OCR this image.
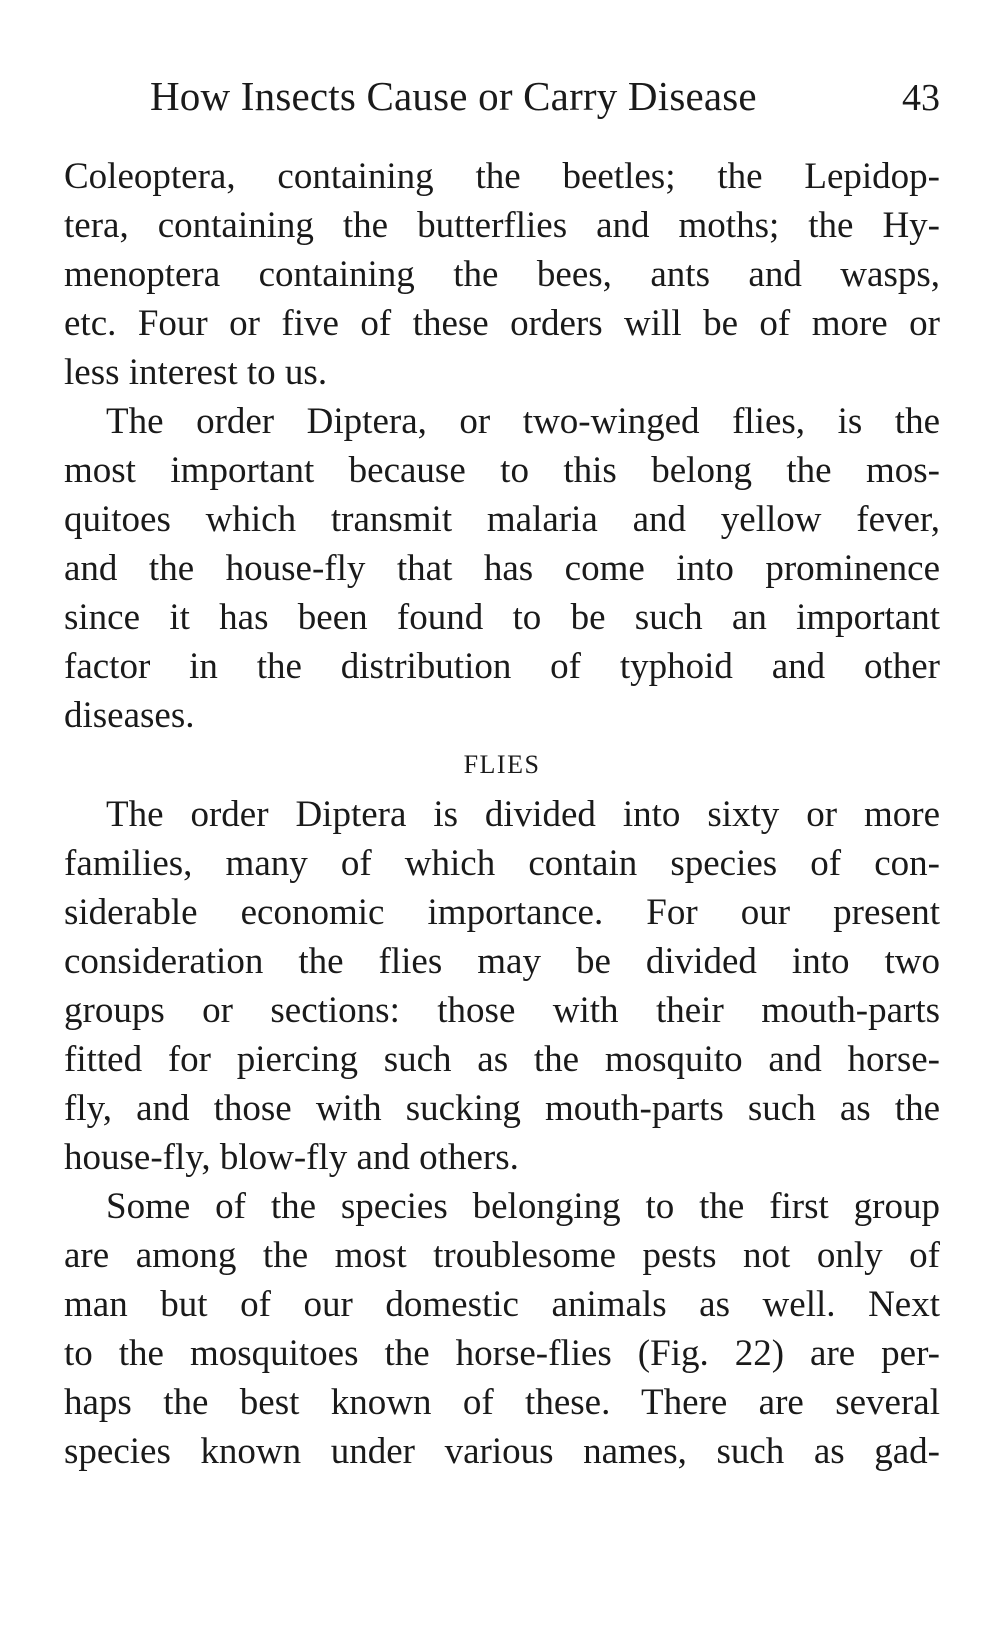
How Insects Cause or Carry Disease	43
Coleoptera, containing the beetles; the Lepidop-
tera, containing the butterflies and moths; the Hy-
menoptera containing the bees, ants and wasps,
etc. Four or five of these orders will be of more or
less interest to us.
The order Diptera, or two-winged flies, is the
most important because to this belong the mos-
quitoes which transmit malaria and yellow fever,
and the house-fly that has come into prominence
since it has been found to be such an important
factor in the distribution of typhoid and other
diseases.
FLIES
The order Diptera is divided into sixty or more
families, many of which contain species of con-
siderable economic importance. For our present
consideration the flies may be divided into two
groups or sections: those with their mouth-parts
fitted for piercing such as the mosquito and horse-
fly, and those with sucking mouth-parts such as the
house-fly, blow-fly and others.
Some of the species belonging to the first group
are among the most troublesome pests not only of
man but of our domestic animals as well. Next
to the mosquitoes the horse-flies (Fig. 22) are per-
haps the best known of these. There are several
species known under various names, such as gad-
